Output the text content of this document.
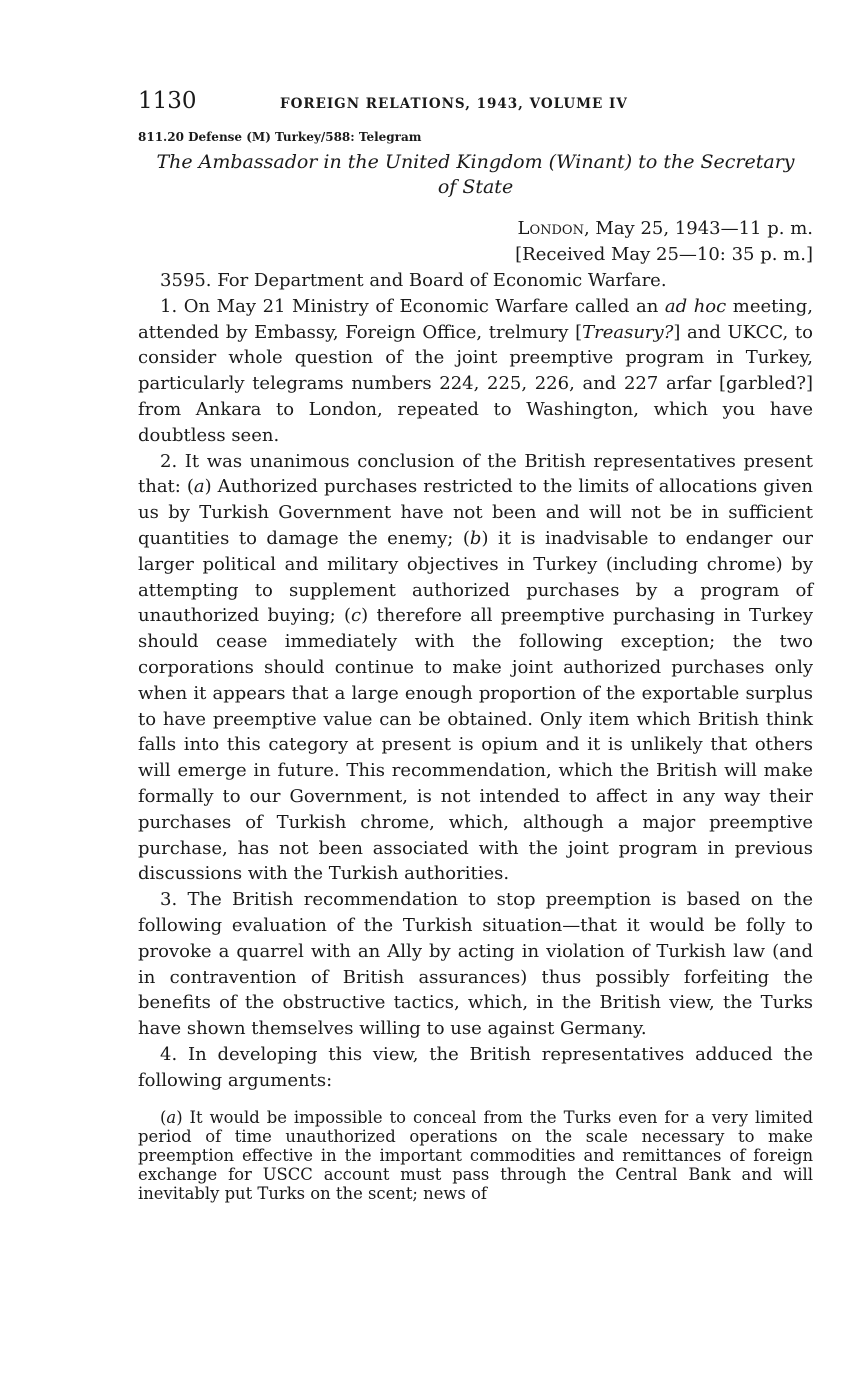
1130	FOREIGN RELATIONS, 1943, VOLUME IV
811.20 Defense (M) Turkey/588: Telegram
The Ambassador in the United Kingdom (Winant) to the Secretary
of State
London, May 25, 1943—11 p. m.
[Received May 25—10: 35 p. m.]

3595. For Department and Board of Economic Warfare.

1. On May 21 Ministry of Economic Warfare called an ad hoc meeting, attended by Embassy, Foreign Office, trelmury [Treasury?] and UKCC, to consider whole question of the joint preemptive program in Turkey, particularly telegrams numbers 224, 225, 226, and 227 arfar [garbled?] from Ankara to London, repeated to Washington, which you have doubtless seen.

2. It was unanimous conclusion of the British representatives present that: (a) Authorized purchases restricted to the limits of allocations given us by Turkish Government have not been and will not be in sufficient quantities to damage the enemy; (b) it is inadvisable to endanger our larger political and military objectives in Turkey (including chrome) by attempting to supplement authorized purchases by a program of unauthorized buying; (c) therefore all preemptive purchasing in Turkey should cease immediately with the following exception; the two corporations should continue to make joint authorized purchases only when it appears that a large enough proportion of the exportable surplus to have preemptive value can be obtained. Only item which British think falls into this category at present is opium and it is unlikely that others will emerge in future. This recommendation, which the British will make formally to our Government, is not intended to affect in any way their purchases of Turkish chrome, which, although a major preemptive purchase, has not been associated with the joint program in previous discussions with the Turkish authorities.

3. The British recommendation to stop preemption is based on the following evaluation of the Turkish situation—that it would be folly to provoke a quarrel with an Ally by acting in violation of Turkish law (and in contravention of British assurances) thus possibly forfeiting the benefits of the obstructive tactics, which, in the British view, the Turks have shown themselves willing to use against Germany.

4. In developing this view, the British representatives adduced the following arguments:

(a) It would be impossible to conceal from the Turks even for a very limited period of time unauthorized operations on the scale necessary to make preemption effective in the important commodities and remittances of foreign exchange for USCC account must pass through the Central Bank and will inevitably put Turks on the scent; news of
